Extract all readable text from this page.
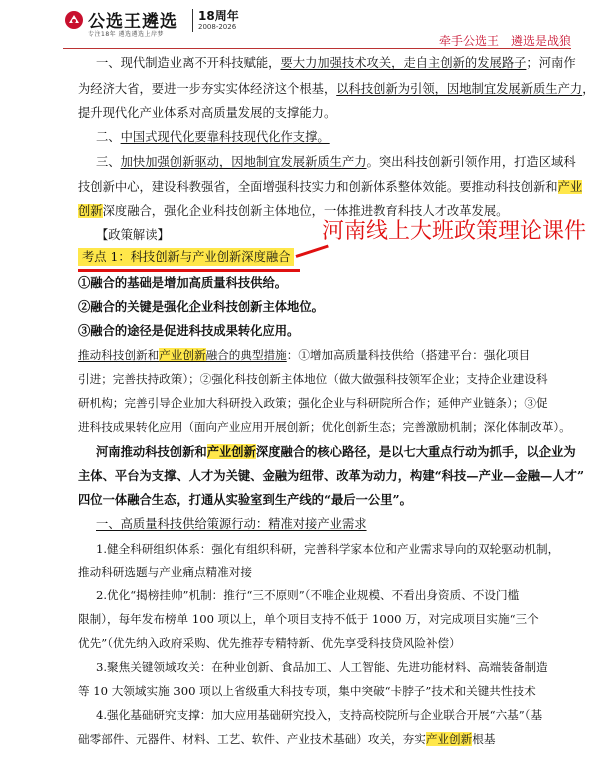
公选王遴选
专注18年 遴选遴选上岸梦
18周年
2008-2026
牵手公选王　遴选是战狼
一、现代制造业离不开科技赋能，要大力加强技术攻关，走自主创新的发展路子；河南作
为经济大省，要进一步夯实实体经济这个根基，以科技创新为引领，因地制宜发展新质生产力，
提升现代化产业体系对高质量发展的支撑能力。
二、中国式现代化要靠科技现代化作支撑。
三、加快加强创新驱动，因地制宜发展新质生产力。突出科技创新引领作用，打造区域科
技创新中心，建设科教强省，全面增强科技实力和创新体系整体效能。要推动科技创新和产业
创新深度融合，强化企业科技创新主体地位，一体推进教育科技人才改革发展。
【政策解读】	河南线上大班政策理论课件
考点 1：科技创新与产业创新深度融合
①融合的基础是增加高质量科技供给。
②融合的关键是强化企业科技创新主体地位。
③融合的途径是促进科技成果转化应用。
推动科技创新和产业创新融合的典型措施：①增加高质量科技供给（搭建平台：强化项目
引进；完善扶持政策）；②强化科技创新主体地位（做大做强科技领军企业；支持企业建设科
研机构；完善引导企业加大科研投入政策；强化企业与科研院所合作；延伸产业链条）；③促
进科技成果转化应用（面向产业应用开展创新；优化创新生态；完善激励机制；深化体制改革）。
河南推动科技创新和产业创新深度融合的核心路径，是以七大重点行动为抓手，以企业为
主体、平台为支撑、人才为关键、金融为纽带、改革为动力，构建“科技—产业—金融—人才”
四位一体融合生态，打通从实验室到生产线的“最后一公里”。
一、高质量科技供给策源行动：精准对接产业需求
1.健全科研组织体系：强化有组织科研，完善科学家本位和产业需求导向的双轮驱动机制，
推动科研选题与产业痛点精准对接
2.优化“揭榜挂帅”机制：推行“三不原则”（不唯企业规模、不看出身资质、不设门槛
限制），每年发布榜单 100 项以上，单个项目支持不低于 1000 万，对完成项目实施“三个
优先”（优先纳入政府采购、优先推荐专精特新、优先享受科技贷风险补偿）
3.聚焦关键领域攻关：在种业创新、食品加工、人工智能、先进功能材料、高端装备制造
等 10 大领域实施 300 项以上省级重大科技专项，集中突破“卡脖子”技术和关键共性技术
4.强化基础研究支撑：加大应用基础研究投入，支持高校院所与企业联合开展“六基”（基
础零部件、元器件、材料、工艺、软件、产业技术基础）攻关，夯实产业创新根基
